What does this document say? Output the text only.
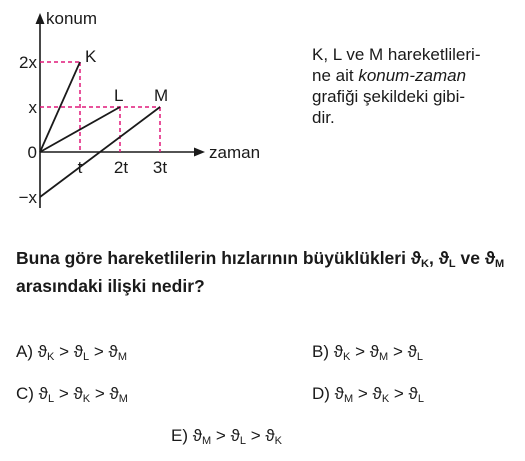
konum
zaman
2x
x
0
−x
t 2t 3t
K
L M

K, L ve M hareketlileri-
ne ait konum-zaman
grafiği şekildeki gibi-
dir.

Buna göre hareketlilerin hızlarının büyüklükleri $ϑ_K$, $ϑ_L$ ve $ϑ_M$ arasındaki ilişki nedir?

A) $ϑ_K > ϑ_L > ϑ_M$	B) $ϑ_K > ϑ_M > ϑ_L$
C) $ϑ_L > ϑ_K > ϑ_M$	D) $ϑ_M > ϑ_K > ϑ_L$
E) $ϑ_M > ϑ_L > ϑ_K$
